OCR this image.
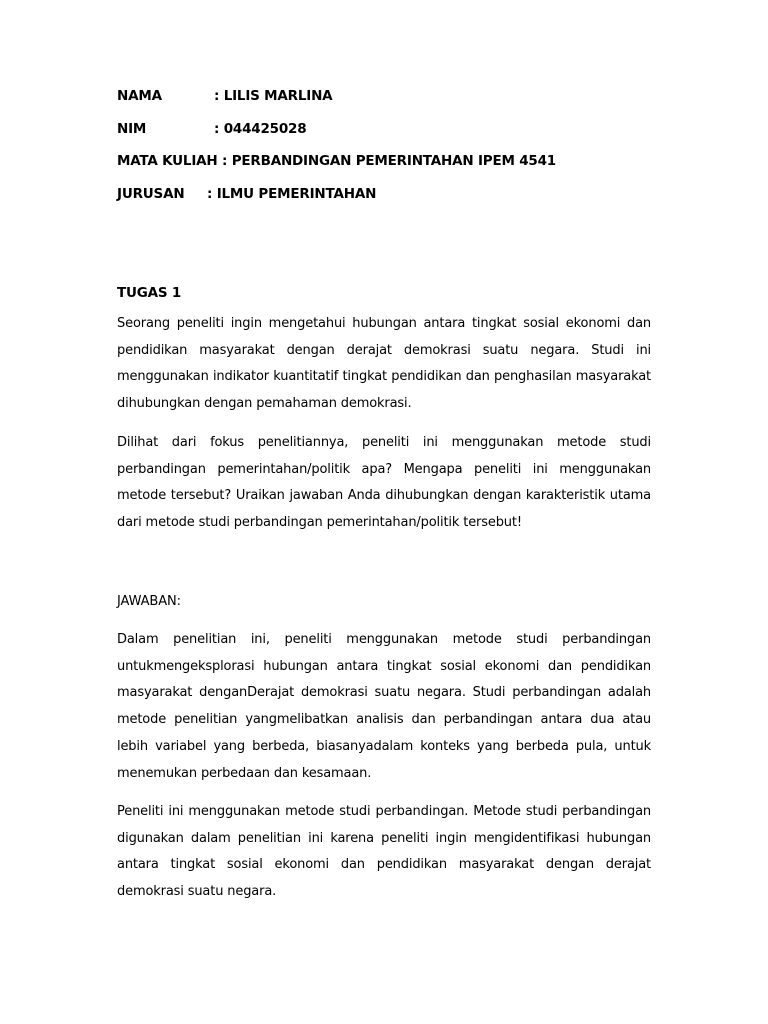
NAMA	: LILIS MARLINA
NIM	: 044425028
MATA KULIAH : PERBANDINGAN PEMERINTAHAN IPEM 4541
JURUSAN : ILMU PEMERINTAHAN
TUGAS 1
Seorang peneliti ingin mengetahui hubungan antara tingkat sosial ekonomi dan pendidikan masyarakat dengan derajat demokrasi suatu negara. Studi ini menggunakan indikator kuantitatif tingkat pendidikan dan penghasilan masyarakat dihubungkan dengan pemahaman demokrasi.
Dilihat dari fokus penelitiannya, peneliti ini menggunakan metode studi perbandingan pemerintahan/politik apa? Mengapa peneliti ini menggunakan metode tersebut? Uraikan jawaban Anda dihubungkan dengan karakteristik utama dari metode studi perbandingan pemerintahan/politik tersebut!
JAWABAN:
Dalam penelitian ini, peneliti menggunakan metode studi perbandingan untukmengeksplorasi hubungan antara tingkat sosial ekonomi dan pendidikan masyarakat denganDerajat demokrasi suatu negara. Studi perbandingan adalah metode penelitian yangmelibatkan analisis dan perbandingan antara dua atau lebih variabel yang berbeda, biasanyadalam konteks yang berbeda pula, untuk menemukan perbedaan dan kesamaan.
Peneliti ini menggunakan metode studi perbandingan. Metode studi perbandingan digunakan dalam penelitian ini karena peneliti ingin mengidentifikasi hubungan antara tingkat sosial ekonomi dan pendidikan masyarakat dengan derajat demokrasi suatu negara.
